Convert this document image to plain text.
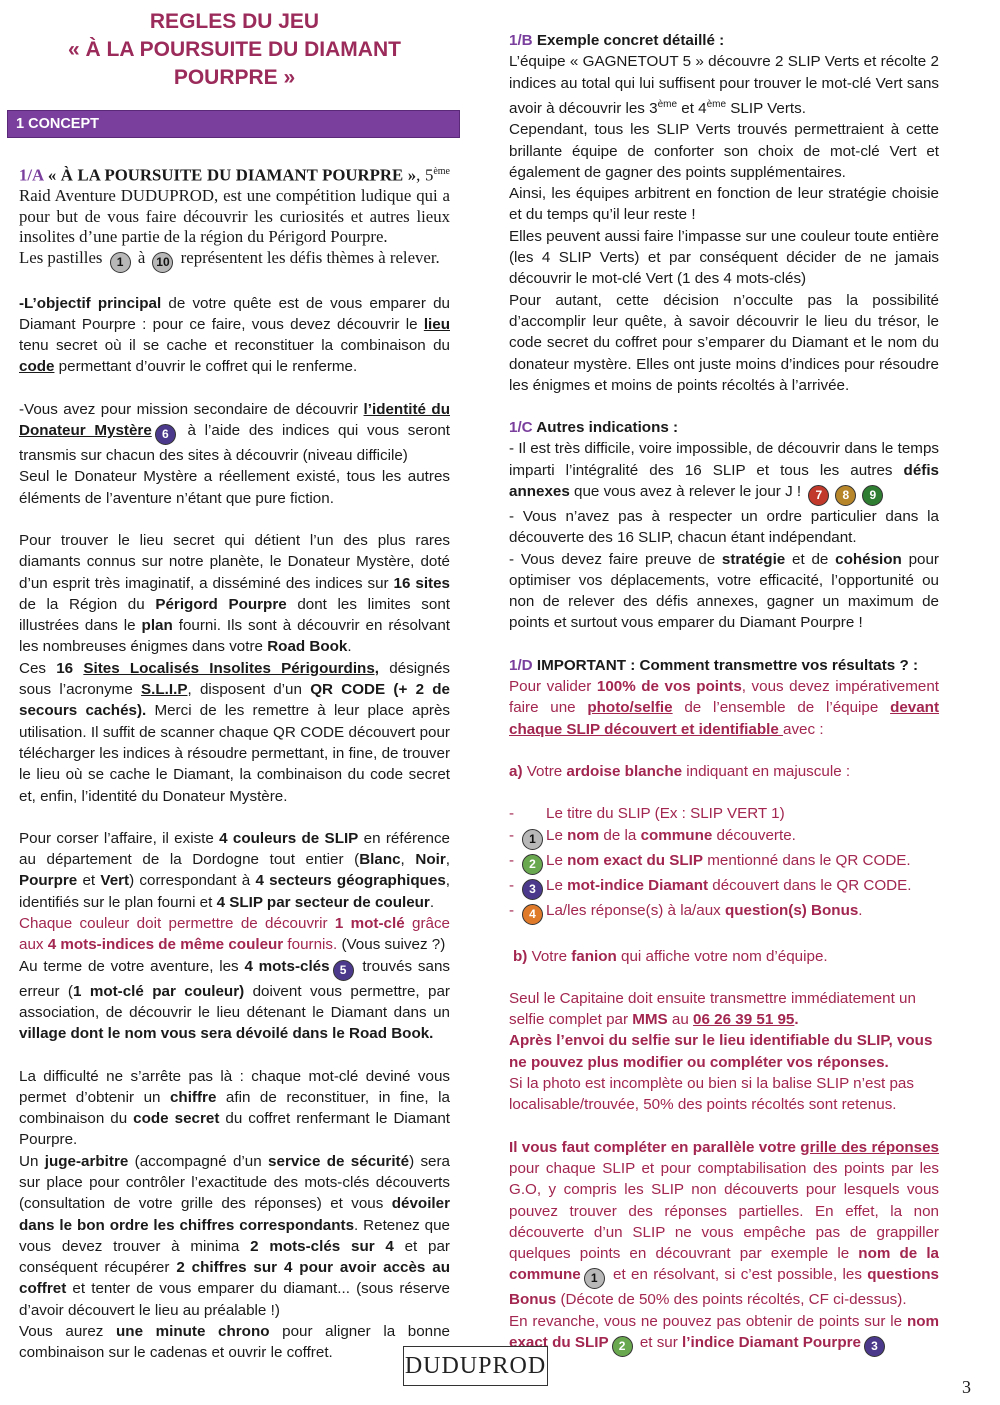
REGLES DU JEU
« À LA POURSUITE DU DIAMANT POURPRE »
1 CONCEPT

1/A « À LA POURSUITE DU DIAMANT POURPRE », 5ème Raid Aventure DUDUPROD, est une compétition ludique qui a pour but de vous faire découvrir les curiosités et autres lieux insolites d’une partie de la région du Périgord Pourpre.
Les pastilles 1 à 10 représentent les défis thèmes à relever.

-L’objectif principal de votre quête est de vous emparer du Diamant Pourpre : pour ce faire, vous devez découvrir le lieu tenu secret où il se cache et reconstituer la combinaison du code permettant d’ouvrir le coffret qui le renferme.

-Vous avez pour mission secondaire de découvrir l’identité du Donateur Mystère 6 à l’aide des indices qui vous seront transmis sur chacun des sites à découvrir (niveau difficile)
Seul le Donateur Mystère a réellement existé, tous les autres éléments de l’aventure n’étant que pure fiction.

Pour trouver le lieu secret qui détient l’un des plus rares diamants connus sur notre planète, le Donateur Mystère, doté d’un esprit très imaginatif, a disséminé des indices sur 16 sites de la Région du Périgord Pourpre dont les limites sont illustrées dans le plan fourni. Ils sont à découvrir en résolvant les nombreuses énigmes dans votre Road Book.
Ces 16 Sites Localisés Insolites Périgourdins, désignés sous l’acronyme S.L.I.P, disposent d’un QR CODE (+ 2 de secours cachés). Merci de les remettre à leur place après utilisation. Il suffit de scanner chaque QR CODE découvert pour télécharger les indices à résoudre permettant, in fine, de trouver le lieu où se cache le Diamant, la combinaison du code secret et, enfin, l’identité du Donateur Mystère.

Pour corser l’affaire, il existe 4 couleurs de SLIP en référence au département de la Dordogne tout entier (Blanc, Noir, Pourpre et Vert) correspondant à 4 secteurs géographiques, identifiés sur le plan fourni et 4 SLIP par secteur de couleur.
Chaque couleur doit permettre de découvrir 1 mot-clé grâce aux 4 mots-indices de même couleur fournis. (Vous suivez ?)
Au terme de votre aventure, les 4 mots-clés 5 trouvés sans erreur (1 mot-clé par couleur) doivent vous permettre, par association, de découvrir le lieu détenant le Diamant dans un village dont le nom vous sera dévoilé dans le Road Book.

La difficulté ne s’arrête pas là : chaque mot-clé deviné vous permet d’obtenir un chiffre afin de reconstituer, in fine, la combinaison du code secret du coffret renfermant le Diamant Pourpre.
Un juge-arbitre (accompagné d’un service de sécurité) sera sur place pour contrôler l’exactitude des mots-clés découverts (consultation de votre grille des réponses) et vous dévoiler dans le bon ordre les chiffres correspondants. Retenez que vous devez trouver à minima 2 mots-clés sur 4 et par conséquent récupérer 2 chiffres sur 4 pour avoir accès au coffret et tenter de vous emparer du diamant... (sous réserve d’avoir découvert le lieu au préalable !)
Vous aurez une minute chrono pour aligner la bonne combinaison sur le cadenas et ouvrir le coffret.

1/B Exemple concret détaillé :
L’équipe « GAGNETOUT 5 » découvre 2 SLIP Verts et récolte 2 indices au total qui lui suffisent pour trouver le mot-clé Vert sans avoir à découvrir les 3ème et 4ème SLIP Verts.
Cependant, tous les SLIP Verts trouvés permettraient à cette brillante équipe de conforter son choix de mot-clé Vert et également de gagner des points supplémentaires.
Ainsi, les équipes arbitrent en fonction de leur stratégie choisie et du temps qu’il leur reste !
Elles peuvent aussi faire l’impasse sur une couleur toute entière (les 4 SLIP Verts) et par conséquent décider de ne jamais découvrir le mot-clé Vert (1 des 4 mots-clés)
Pour autant, cette décision n’occulte pas la possibilité d’accomplir leur quête, à savoir découvrir le lieu du trésor, le code secret du coffret pour s’emparer du Diamant et le nom du donateur mystère. Elles ont juste moins d’indices pour résoudre les énigmes et moins de points récoltés à l’arrivée.

1/C Autres indications :
- Il est très difficile, voire impossible, de découvrir dans le temps imparti l’intégralité des 16 SLIP et tous les autres défis annexes que vous avez à relever le jour J ! 7 8 9
- Vous n’avez pas à respecter un ordre particulier dans la découverte des 16 SLIP, chacun étant indépendant.
- Vous devez faire preuve de stratégie et de cohésion pour optimiser vos déplacements, votre efficacité, l’opportunité ou non de relever des défis annexes, gagner un maximum de points et surtout vous emparer du Diamant Pourpre !

1/D IMPORTANT : Comment transmettre vos résultats ? :

Pour valider 100% de vos points, vous devez impérativement faire une photo/selfie de l’ensemble de l’équipe devant chaque SLIP découvert et identifiable avec :

a) Votre ardoise blanche indiquant en majuscule :

- Le titre du SLIP (Ex : SLIP VERT 1)

- 1 Le nom de la commune découverte.

- 2 Le nom exact du SLIP mentionné dans le QR CODE.

- 3 Le mot-indice Diamant découvert dans le QR CODE.

- 4 La/les réponse(s) à la/aux question(s) Bonus.

b) Votre fanion qui affiche votre nom d’équipe.

Seul le Capitaine doit ensuite transmettre immédiatement un selfie complet par MMS au 06 26 39 51 95.
Après l’envoi du selfie sur le lieu identifiable du SLIP, vous ne pouvez plus modifier ou compléter vos réponses.
Si la photo est incomplète ou bien si la balise SLIP n’est pas localisable/trouvée, 50% des points récoltés sont retenus.

Il vous faut compléter en parallèle votre grille des réponses pour chaque SLIP et pour comptabilisation des points par les G.O, y compris les SLIP non découverts pour lesquels vous pouvez trouver des réponses partielles. En effet, la non découverte d’un SLIP ne vous empêche pas de grappiller quelques points en découvrant par exemple le nom de la commune 1 et en résolvant, si c’est possible, les questions Bonus (Décote de 50% des points récoltés, CF ci-dessus).
En revanche, vous ne pouvez pas obtenir de points sur le nom exact du SLIP 2 et sur l’indice Diamant Pourpre 3

DUDUPROD
3
